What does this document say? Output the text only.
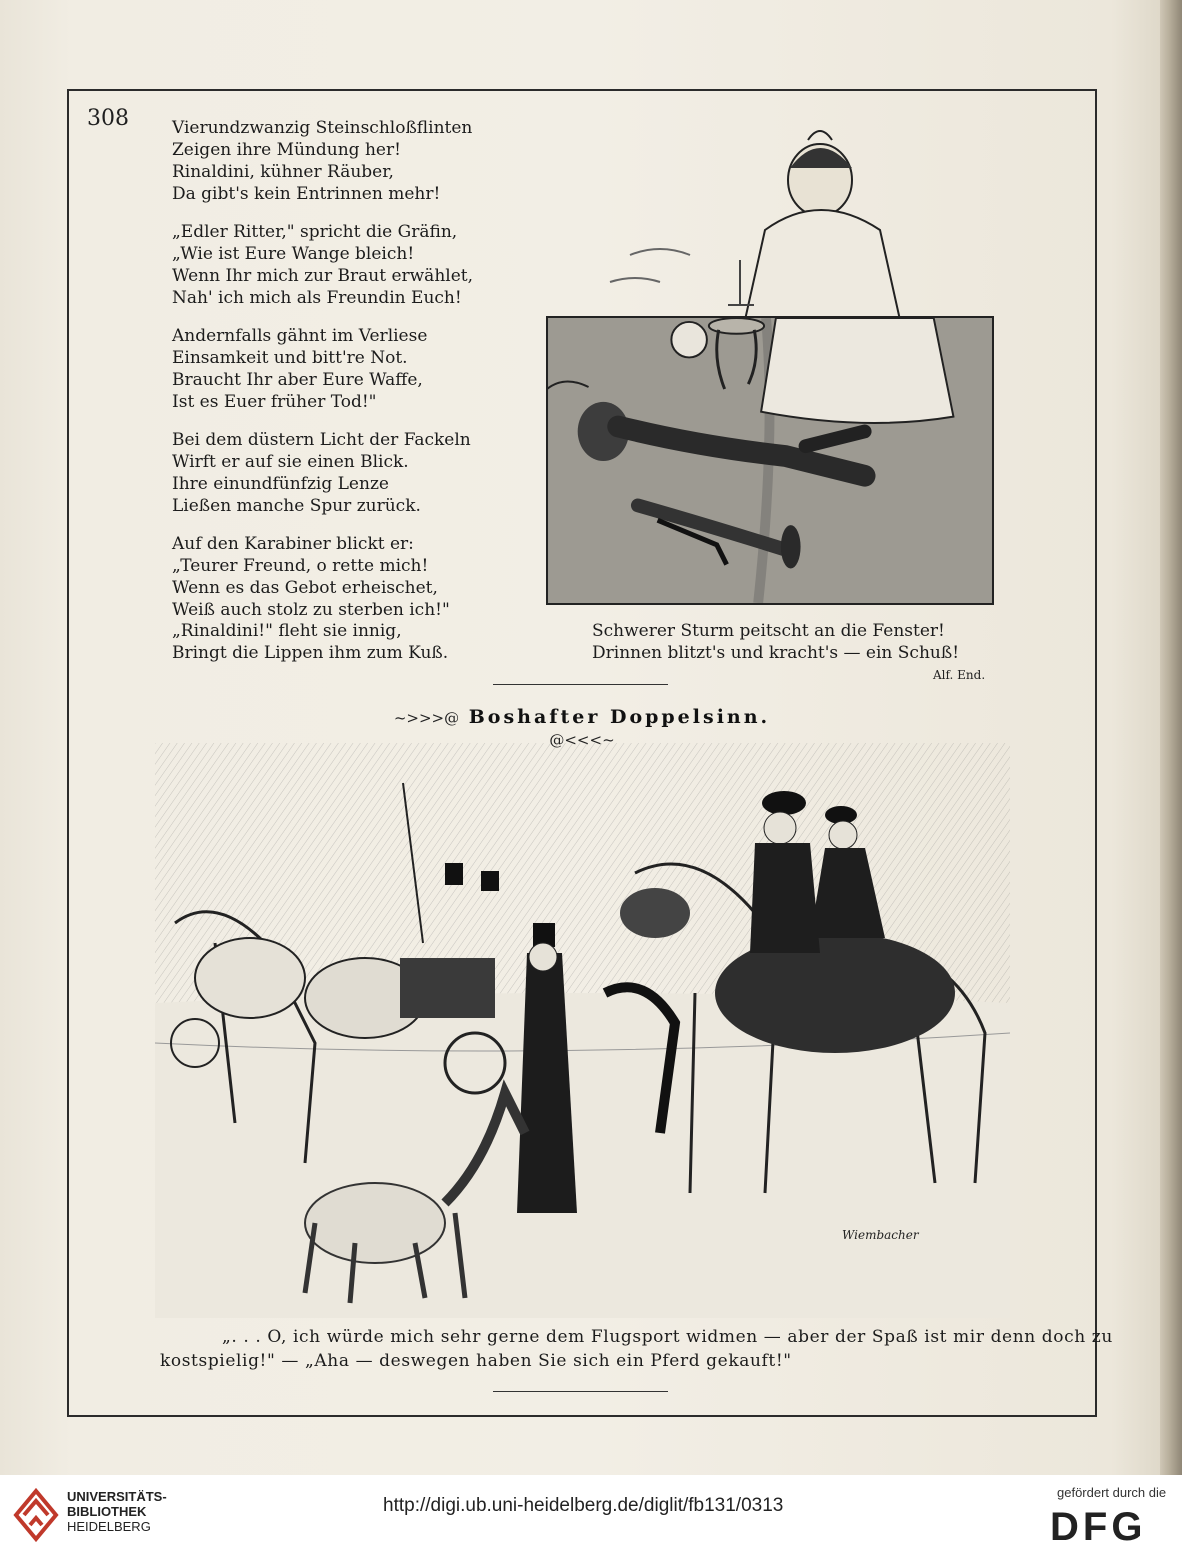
308	Vierundzwanzig Steinschloßflinten
Zeigen ihre Mündung her!
Rinaldini, kühner Räuber,
Da gibt's kein Entrinnen mehr!
„Edler Ritter," spricht die Gräfin,
„Wie ist Eure Wange bleich!
Wenn Ihr mich zur Braut erwählet,
Nah' ich mich als Freundin Euch!
Andernfalls gähnt im Verliese
Einsamkeit und bitt're Not.
Braucht Ihr aber Eure Waffe,
Ist es Euer früher Tod!"
Bei dem düstern Licht der Fackeln
Wirft er auf sie einen Blick.
Ihre einundfünfzig Lenze
Ließen manche Spur zurück.
Auf den Karabiner blickt er:
„Teurer Freund, o rette mich!
Wenn es das Gebot erheischet,
Weiß auch stolz zu sterben ich!"
„Rinaldini!" fleht sie innig,
Bringt die Lippen ihm zum Kuß.
Schwerer Sturm peitscht an die Fenster!
Drinnen blitzt's und kracht's — ein Schuß!
Alf. End.
~>>>@ Boshafter Doppelsinn. @<<<~
Wiembacher
„. . . O, ich würde mich sehr gerne dem Flugsport widmen — aber der Spaß ist mir denn doch zu
kostspielig!" — „Aha — deswegen haben Sie sich ein Pferd gekauft!"
UNIVERSITÄTS-
BIBLIOTHEK
HEIDELBERG
http://digi.ub.uni-heidelberg.de/diglit/fb131/0313
gefördert durch die
DFG
